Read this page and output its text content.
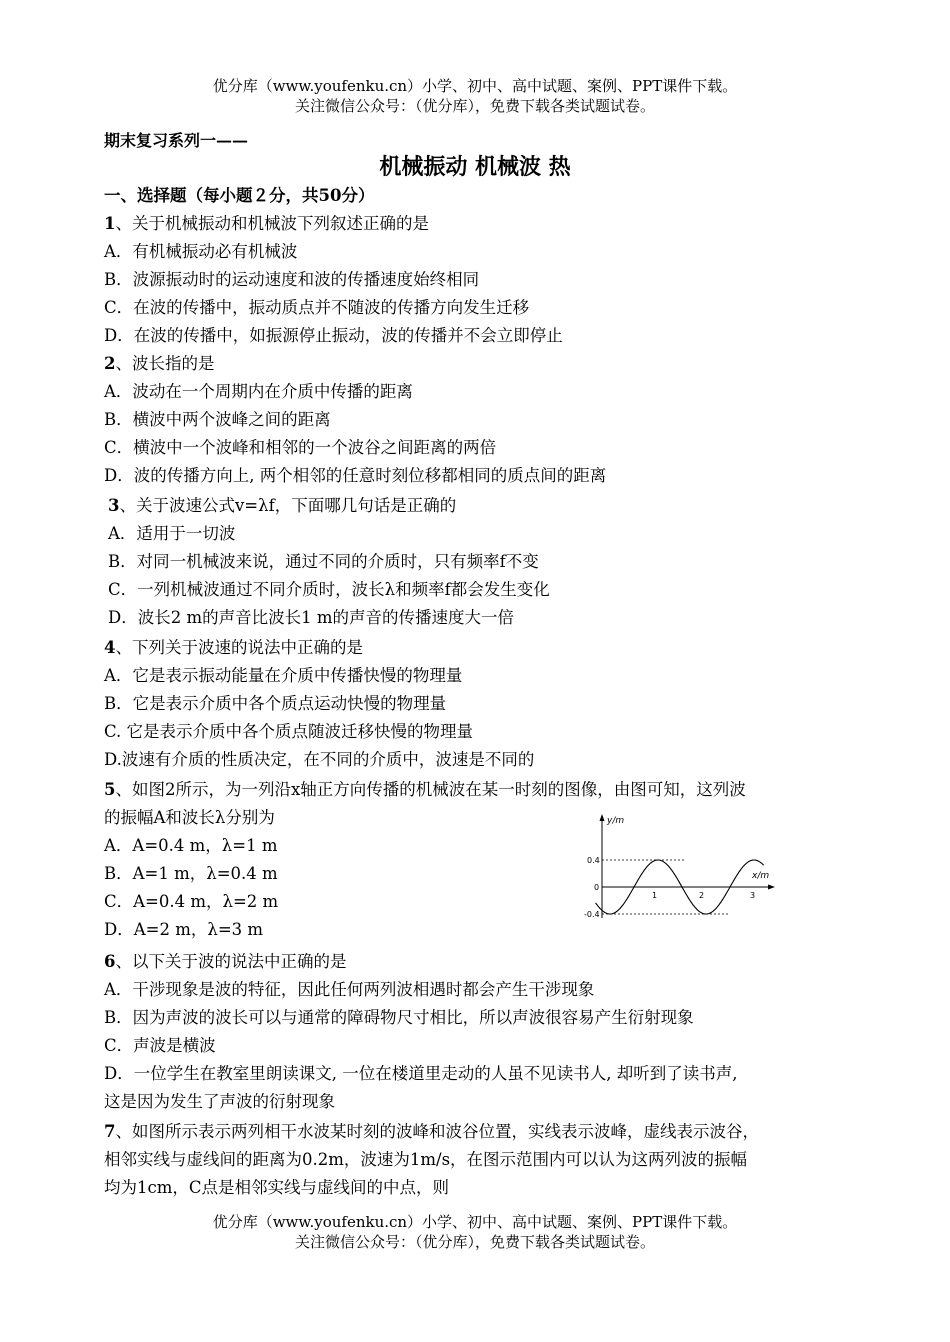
优分库（www.youfenku.cn）小学、初中、高中试题、案例、PPT课件下载。
关注微信公众号：（优分库），免费下载各类试题试卷。
期末复习系列一——
机械振动 机械波 热
一、选择题（每小题２分，共50分）
1、关于机械振动和机械波下列叙述正确的是
A．有机械振动必有机械波
B．波源振动时的运动速度和波的传播速度始终相同
C．在波的传播中，振动质点并不随波的传播方向发生迁移
D．在波的传播中，如振源停止振动，波的传播并不会立即停止
2、波长指的是
A．波动在一个周期内在介质中传播的距离
B．横波中两个波峰之间的距离
C．横波中一个波峰和相邻的一个波谷之间距离的两倍
D．波的传播方向上, 两个相邻的任意时刻位移都相同的质点间的距离
3、关于波速公式v=λf，下面哪几句话是正确的
A．适用于一切波
B．对同一机械波来说，通过不同的介质时，只有频率f不变
C．一列机械波通过不同介质时，波长λ和频率f都会发生变化
D．波长2 m的声音比波长1 m的声音的传播速度大一倍
4、下列关于波速的说法中正确的是
A．它是表示振动能量在介质中传播快慢的物理量
B．它是表示介质中各个质点运动快慢的物理量
C. 它是表示介质中各个质点随波迁移快慢的物理量
D.波速有介质的性质决定，在不同的介质中，波速是不同的
5、如图2所示，为一列沿x轴正方向传播的机械波在某一时刻的图像，由图可知，这列波
的振幅A和波长λ分别为
A．A=0.4 m，λ=1 m
B．A=1 m，λ=0.4 m
C．A=0.4 m，λ=2 m
D．A=2 m，λ=3 m
y/m
x/m
0.4
0
-0.4
1	2	3
6、以下关于波的说法中正确的是
A．干涉现象是波的特征，因此任何两列波相遇时都会产生干涉现象
B．因为声波的波长可以与通常的障碍物尺寸相比，所以声波很容易产生衍射现象
C．声波是横波
D．一位学生在教室里朗读课文, 一位在楼道里走动的人虽不见读书人, 却听到了读书声,
这是因为发生了声波的衍射现象
7、如图所示表示两列相干水波某时刻的波峰和波谷位置，实线表示波峰，虚线表示波谷，
相邻实线与虚线间的距离为0.2m，波速为1m/s，在图示范围内可以认为这两列波的振幅
均为1cm，C点是相邻实线与虚线间的中点，则
优分库（www.youfenku.cn）小学、初中、高中试题、案例、PPT课件下载。
关注微信公众号：（优分库），免费下载各类试题试卷。
